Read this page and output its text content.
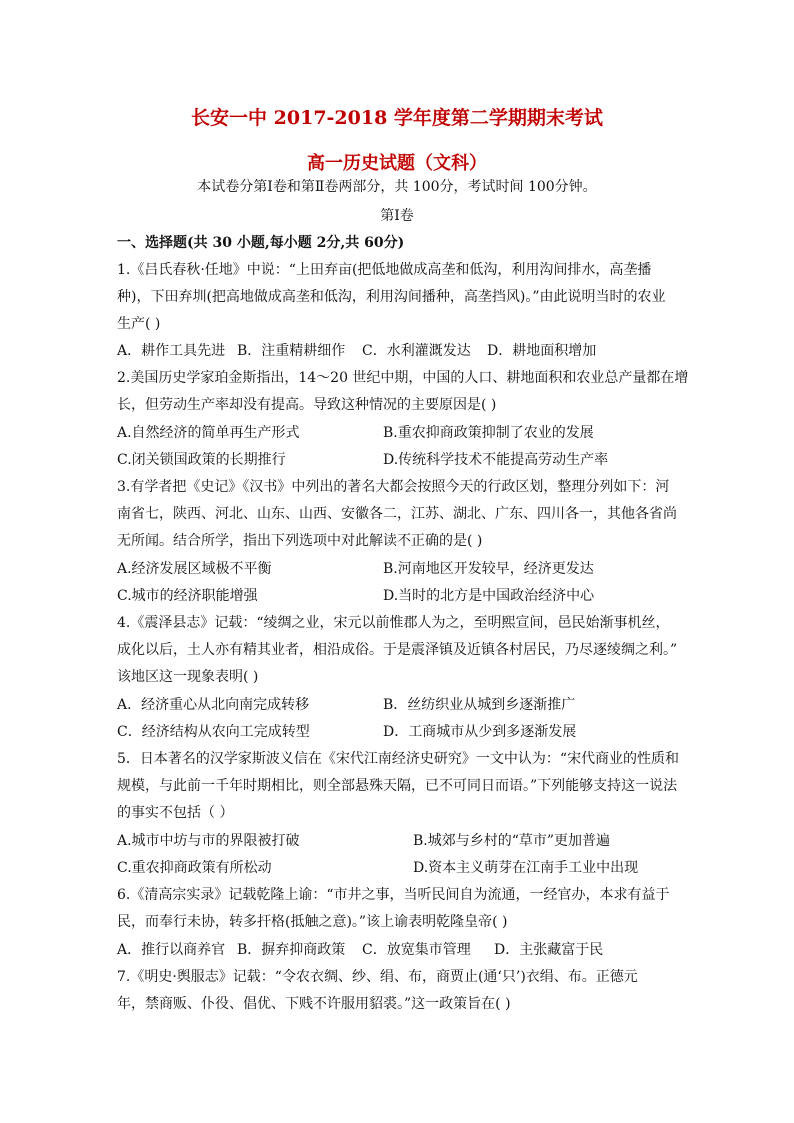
长安一中 2017-2018 学年度第二学期期末考试
高一历史试题（文科）
本试卷分第Ⅰ卷和第Ⅱ卷两部分，共 100分，考试时间 100分钟。
第Ⅰ卷
一、选择题(共 30 小题,每小题 2分,共 60分)
1.《吕氏春秋·任地》中说：“上田弃亩(把低地做成高垄和低沟，利用沟间排水，高垄播
种)，下田弃圳(把高地做成高垄和低沟，利用沟间播种，高垄挡风)。”由此说明当时的农业
生产( )
A．耕作工具先进 B．注重精耕细作 C．水利灌溉发达 D．耕地面积增加
2.美国历史学家珀金斯指出，14～20 世纪中期，中国的人口、耕地面积和农业总产量都在增
长，但劳动生产率却没有提高。导致这种情况的主要原因是( )
A.自然经济的简单再生产形式	B.重农抑商政策抑制了农业的发展
C.闭关锁国政策的长期推行	D.传统科学技术不能提高劳动生产率
3.有学者把《史记》《汉书》中列出的著名大都会按照今天的行政区划，整理分列如下：河
南省七，陕西、河北、山东、山西、安徽各二，江苏、湖北、广东、四川各一，其他各省尚
无所闻。结合所学，指出下列选项中对此解读不正确的是( )
A.经济发展区域极不平衡	B.河南地区开发较早，经济更发达
C.城市的经济职能增强	D.当时的北方是中国政治经济中心
4.《震泽县志》记载：“绫绸之业，宋元以前惟郡人为之，至明熙宣间，邑民始渐事机丝，
成化以后，土人亦有精其业者，相沿成俗。于是震泽镇及近镇各村居民，乃尽逐绫绸之利。”
该地区这一现象表明( )
A．经济重心从北向南完成转移	B．丝纺织业从城到乡逐渐推广
C．经济结构从农向工完成转型	D．工商城市从少到多逐渐发展
5．日本著名的汉学家斯波义信在《宋代江南经济史研究》一文中认为：“宋代商业的性质和
规模，与此前一千年时期相比，则全部悬殊天隔，已不可同日而语。”下列能够支持这一说法
的事实不包括（ ）
A.城市中坊与市的界限被打破	B.城郊与乡村的“草市”更加普遍
C.重农抑商政策有所松动	D.资本主义萌芽在江南手工业中出现
6.《清高宗实录》记载乾隆上谕：“市井之事，当听民间自为流通，一经官办，本求有益于
民，而奉行未协，转多扞格(抵触之意)。”该上谕表明乾隆皇帝( )
A．推行以商养官 B．摒弃抑商政策 C．放宽集市管理 D．主张藏富于民
7.《明史·舆服志》记载：“令农衣绸、纱、绢、布，商贾止(通‘只’)衣绢、布。正德元
年，禁商贩、仆役、倡优、下贱不许服用貂裘。”这一政策旨在( )
